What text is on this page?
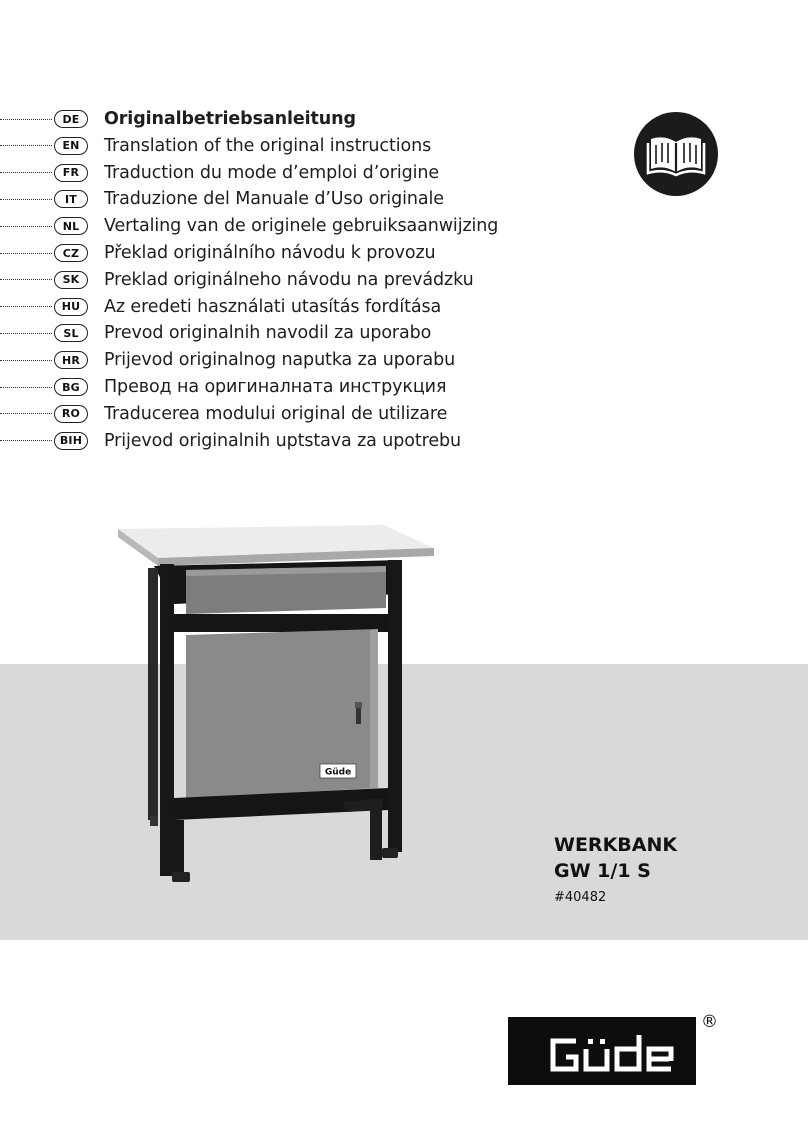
DE	Originalbetriebsanleitung
EN	Translation of the original instructions
FR	Traduction du mode d’emploi d’origine
IT	Traduzione del Manuale d’Uso originale
NL	Vertaling van de originele gebruiksaanwijzing
CZ	Překlad originálního návodu k provozu
SK	Preklad originálneho návodu na prevádzku
HU	Az eredeti használati utasítás fordítása
SL	Prevod originalnih navodil za uporabo
HR	Prijevod originalnog naputka za uporabu
BG	Превод на оригиналната инструкция
RO	Traducerea modului original de utilizare
BIH	Prijevod originalnih uptstava za upotrebu
Güde
WERKBANK
GW 1/1 S
#40482
®
